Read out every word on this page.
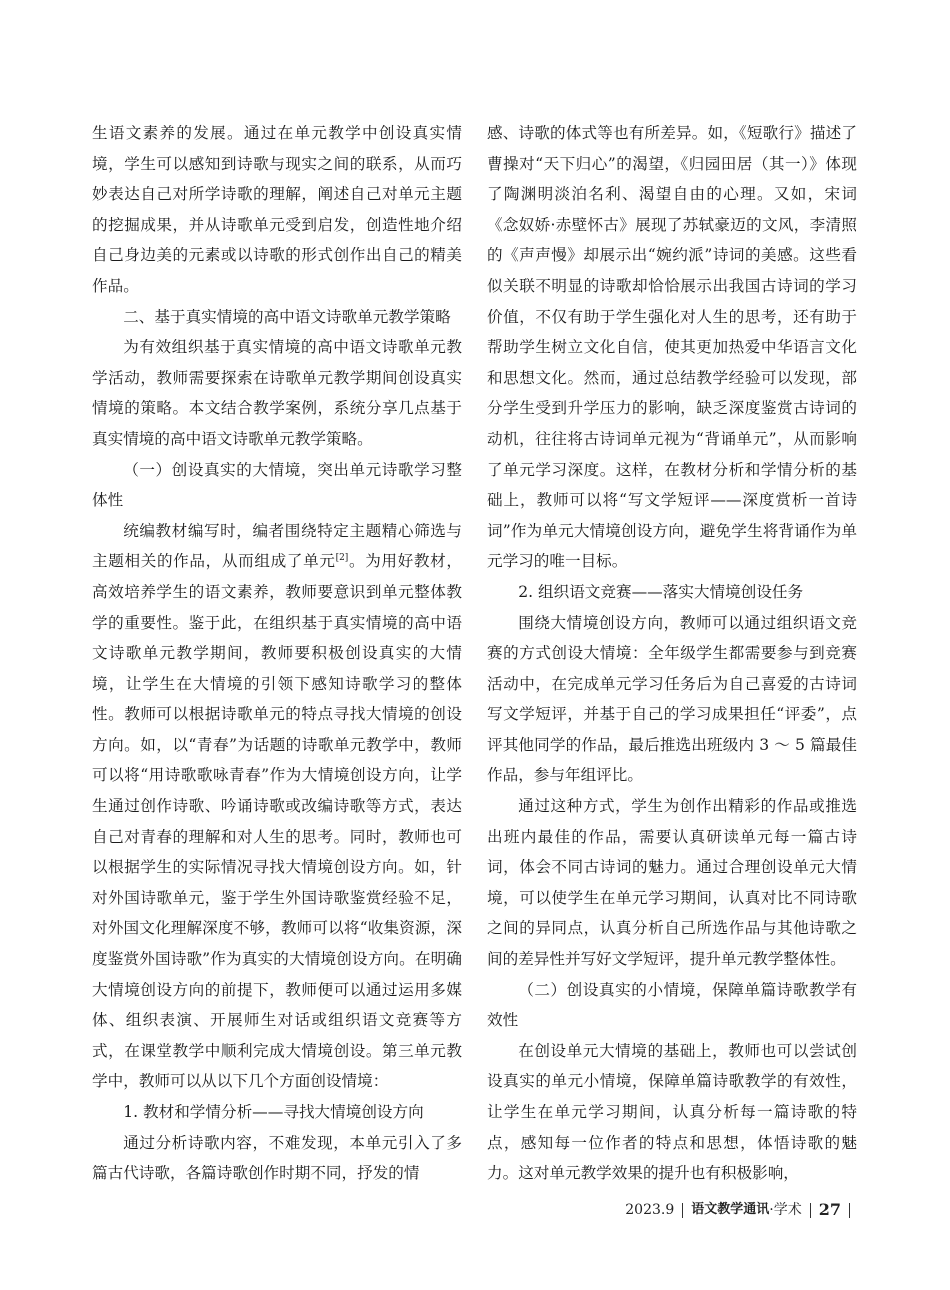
生语文素养的发展。通过在单元教学中创设真实情境，学生可以感知到诗歌与现实之间的联系，从而巧妙表达自己对所学诗歌的理解，阐述自己对单元主题的挖掘成果，并从诗歌单元受到启发，创造性地介绍自己身边美的元素或以诗歌的形式创作出自己的精美作品。

二、基于真实情境的高中语文诗歌单元教学策略

为有效组织基于真实情境的高中语文诗歌单元教学活动，教师需要探索在诗歌单元教学期间创设真实情境的策略。本文结合教学案例，系统分享几点基于真实情境的高中语文诗歌单元教学策略。

（一）创设真实的大情境，突出单元诗歌学习整体性

统编教材编写时，编者围绕特定主题精心筛选与主题相关的作品，从而组成了单元[2]。为用好教材，高效培养学生的语文素养，教师要意识到单元整体教学的重要性。鉴于此，在组织基于真实情境的高中语文诗歌单元教学期间，教师要积极创设真实的大情境，让学生在大情境的引领下感知诗歌学习的整体性。教师可以根据诗歌单元的特点寻找大情境的创设方向。如，以“青春”为话题的诗歌单元教学中，教师可以将“用诗歌歌咏青春”作为大情境创设方向，让学生通过创作诗歌、吟诵诗歌或改编诗歌等方式，表达自己对青春的理解和对人生的思考。同时，教师也可以根据学生的实际情况寻找大情境创设方向。如，针对外国诗歌单元，鉴于学生外国诗歌鉴赏经验不足，对外国文化理解深度不够，教师可以将“收集资源，深度鉴赏外国诗歌”作为真实的大情境创设方向。在明确大情境创设方向的前提下，教师便可以通过运用多媒体、组织表演、开展师生对话或组织语文竞赛等方式，在课堂教学中顺利完成大情境创设。第三单元教学中，教师可以从以下几个方面创设情境：

1. 教材和学情分析——寻找大情境创设方向

通过分析诗歌内容，不难发现，本单元引入了多篇古代诗歌，各篇诗歌创作时期不同，抒发的情

感、诗歌的体式等也有所差异。如，《短歌行》描述了曹操对“天下归心”的渴望，《归园田居（其一）》体现了陶渊明淡泊名利、渴望自由的心理。又如，宋词《念奴娇·赤壁怀古》展现了苏轼豪迈的文风，李清照的《声声慢》却展示出“婉约派”诗词的美感。这些看似关联不明显的诗歌却恰恰展示出我国古诗词的学习价值，不仅有助于学生强化对人生的思考，还有助于帮助学生树立文化自信，使其更加热爱中华语言文化和思想文化。然而，通过总结教学经验可以发现，部分学生受到升学压力的影响，缺乏深度鉴赏古诗词的动机，往往将古诗词单元视为“背诵单元”，从而影响了单元学习深度。这样，在教材分析和学情分析的基础上，教师可以将“写文学短评——深度赏析一首诗词”作为单元大情境创设方向，避免学生将背诵作为单元学习的唯一目标。

2. 组织语文竞赛——落实大情境创设任务

围绕大情境创设方向，教师可以通过组织语文竞赛的方式创设大情境：全年级学生都需要参与到竞赛活动中，在完成单元学习任务后为自己喜爱的古诗词写文学短评，并基于自己的学习成果担任“评委”，点评其他同学的作品，最后推选出班级内 3 ～ 5 篇最佳作品，参与年组评比。

通过这种方式，学生为创作出精彩的作品或推选出班内最佳的作品，需要认真研读单元每一篇古诗词，体会不同古诗词的魅力。通过合理创设单元大情境，可以使学生在单元学习期间，认真对比不同诗歌之间的异同点，认真分析自己所选作品与其他诗歌之间的差异性并写好文学短评，提升单元教学整体性。

（二）创设真实的小情境，保障单篇诗歌教学有效性

在创设单元大情境的基础上，教师也可以尝试创设真实的单元小情境，保障单篇诗歌教学的有效性，让学生在单元学习期间，认真分析每一篇诗歌的特点，感知每一位作者的特点和思想，体悟诗歌的魅力。这对单元教学效果的提升也有积极影响，

2023.9 语文教学通讯 · 学术 27
